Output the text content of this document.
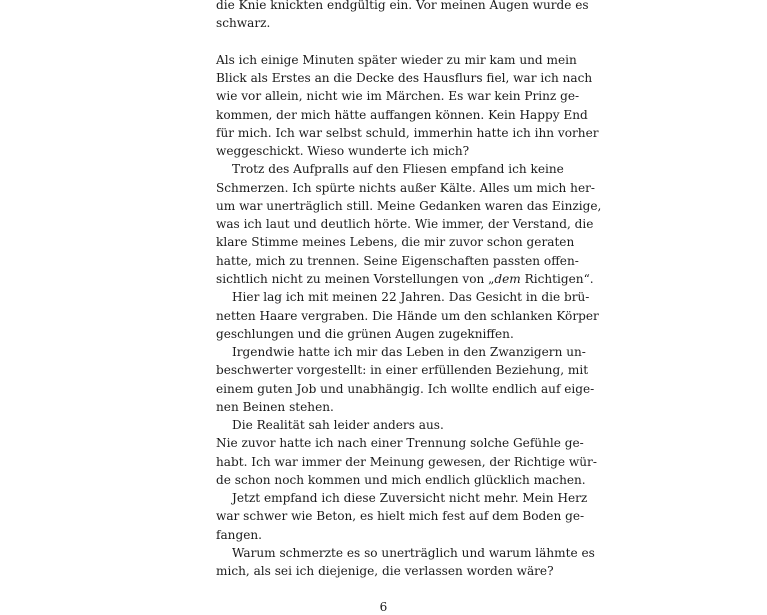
die Knie knickten endgültig ein. Vor meinen Augen wurde es
schwarz.
Als ich einige Minuten später wieder zu mir kam und mein
Blick als Erstes an die Decke des Hausflurs fiel, war ich nach
wie vor allein, nicht wie im Märchen. Es war kein Prinz ge-
kommen, der mich hätte auffangen können. Kein Happy End
für mich. Ich war selbst schuld, immerhin hatte ich ihn vorher
weggeschickt. Wieso wunderte ich mich?
Trotz des Aufpralls auf den Fliesen empfand ich keine
Schmerzen. Ich spürte nichts außer Kälte. Alles um mich her-
um war unerträglich still. Meine Gedanken waren das Einzige,
was ich laut und deutlich hörte. Wie immer, der Verstand, die
klare Stimme meines Lebens, die mir zuvor schon geraten
hatte, mich zu trennen. Seine Eigenschaften passten offen-
sichtlich nicht zu meinen Vorstellungen von „dem Richtigen“.
Hier lag ich mit meinen 22 Jahren. Das Gesicht in die brü-
netten Haare vergraben. Die Hände um den schlanken Körper
geschlungen und die grünen Augen zugekniffen.
Irgendwie hatte ich mir das Leben in den Zwanzigern un-
beschwerter vorgestellt: in einer erfüllenden Beziehung, mit
einem guten Job und unabhängig. Ich wollte endlich auf eige-
nen Beinen stehen.
Die Realität sah leider anders aus.
Nie zuvor hatte ich nach einer Trennung solche Gefühle ge-
habt. Ich war immer der Meinung gewesen, der Richtige wür-
de schon noch kommen und mich endlich glücklich machen.
Jetzt empfand ich diese Zuversicht nicht mehr. Mein Herz
war schwer wie Beton, es hielt mich fest auf dem Boden ge-
fangen.
Warum schmerzte es so unerträglich und warum lähmte es
mich, als sei ich diejenige, die verlassen worden wäre?
6
